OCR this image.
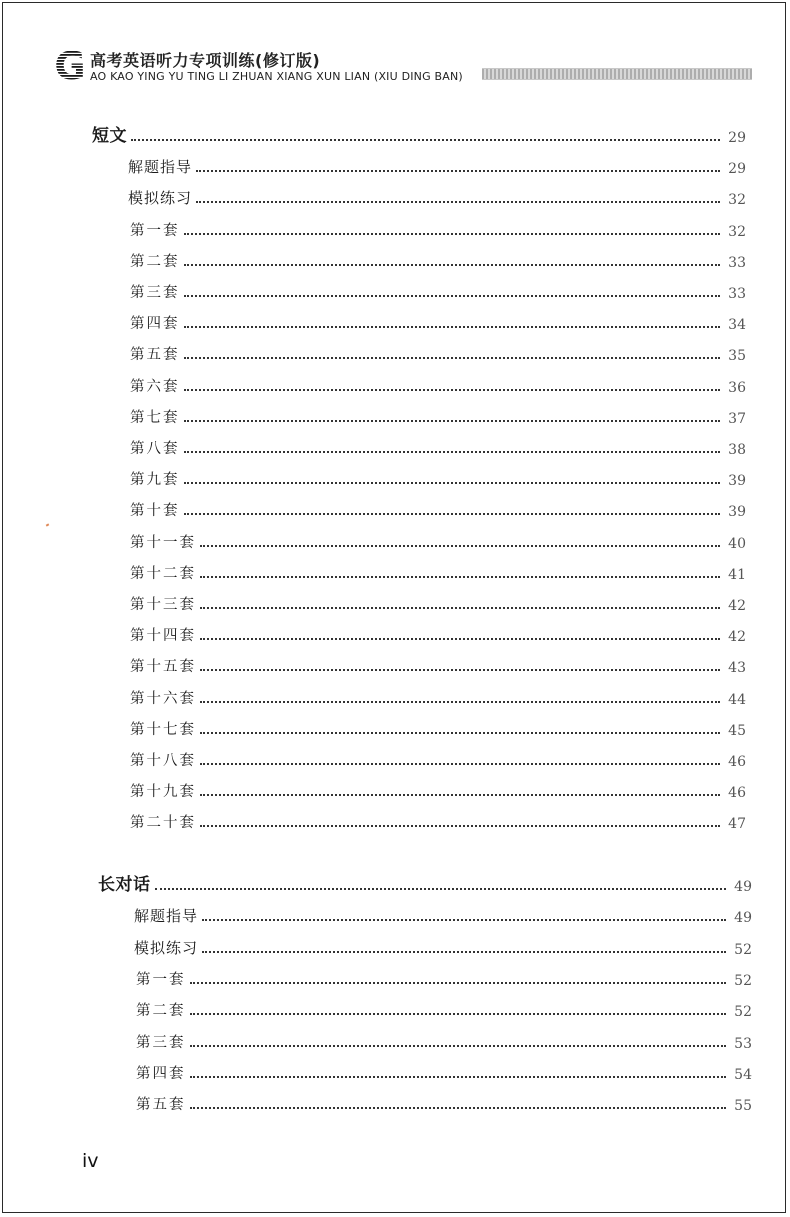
G 高考英语听力专项训练(修订版)
AO KAO YING YU TING LI ZHUAN XIANG XUN LIAN (XIU DING BAN)
短文	29
解题指导	29
模拟练习	32
第一套	32
第二套	33
第三套	33
第四套	34
第五套	35
第六套	36
第七套	37
第八套	38
第九套	39
第十套	39
第十一套	40
第十二套	41
第十三套	42
第十四套	42
第十五套	43
第十六套	44
第十七套	45
第十八套	46
第十九套	46
第二十套	47
长对话	49
解题指导	49
模拟练习	52
第一套	52
第二套	52
第三套	53
第四套	54
第五套	55
iv
